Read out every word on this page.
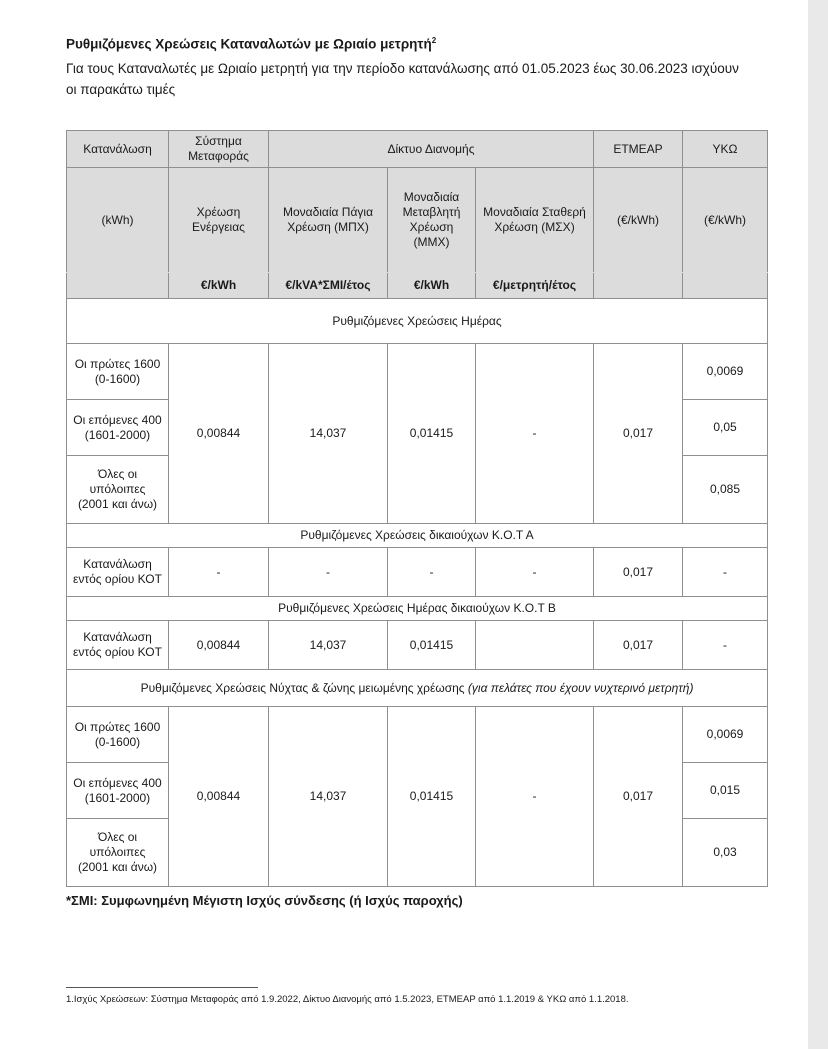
Ρυθμιζόμενες Χρεώσεις Καταναλωτών με Ωριαίο μετρητή$^2$
Για τους Καταναλωτές με Ωριαίο μετρητή για την περίοδο κατανάλωσης από 01.05.2023 έως 30.06.2023 ισχύουν οι παρακάτω τιμές
Κατανάλωση	Σύστημα Μεταφοράς	Δίκτυο Διανομής			ΕΤΜΕΑΡ	ΥΚΩ
(kWh)	Χρέωση Ενέργειας	Μοναδιαία Πάγια Χρέωση (ΜΠΧ)	Μοναδιαία Μεταβλητή Χρέωση (ΜΜΧ)	Μοναδιαία Σταθερή Χρέωση (ΜΣΧ)	(€/kWh)	(€/kWh)
	€/kWh	€/kVA*ΣΜΙ/έτος	€/kWh	€/μετρητή/έτος		
Ρυθμιζόμενες Χρεώσεις Ημέρας						
Οι πρώτες 1600
(0-1600)	0,00844	14,037	0,01415	-	0,017	0,0069
Οι επόμενες 400
(1601-2000)						0,05
Όλες οι υπόλοιπες
(2001 και άνω)						0,085
Ρυθμιζόμενες Χρεώσεις δικαιούχων Κ.Ο.Τ Α						
Κατανάλωση εντός ορίου ΚΟΤ	-	-	-	-	0,017	-
Ρυθμιζόμενες Χρεώσεις Ημέρας δικαιούχων Κ.Ο.Τ Β						
Κατανάλωση εντός ορίου ΚΟΤ	0,00844	14,037	0,01415		0,017	-
Ρυθμιζόμενες Χρεώσεις Νύχτας & ζώνης μειωμένης χρέωσης (για πελάτες που έχουν νυχτερινό μετρητή)						
Οι πρώτες 1600
(0-1600)	0,00844	14,037	0,01415	-	0,017	0,0069
Οι επόμενες 400
(1601-2000)						0,015
Όλες οι υπόλοιπες
(2001 και άνω)						0,03
*ΣΜΙ: Συμφωνημένη Μέγιστη Ισχύς σύνδεσης (ή Ισχύς παροχής)
1.Ισχύς Χρεώσεων: Σύστημα Μεταφοράς από 1.9.2022, Δίκτυο Διανομής από 1.5.2023, ΕΤΜΕΑΡ από 1.1.2019 & ΥΚΩ από 1.1.2018.
